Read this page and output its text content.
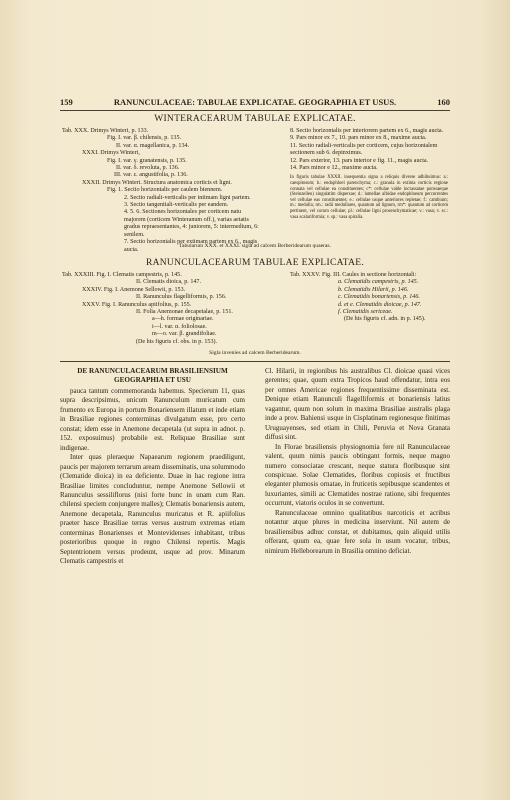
159	RANUNCULACEAE: TABULAE EXPLICATAE. GEOGRAPHIA ET USUS.	160
WINTERACEARUM TABULAE EXPLICATAE.
Tab. XXX. Drimys Winteri, p. 133.
Fig. I. var. β. chilensis, p. 135.
II. var. α. magellanica, p. 134.
XXXI. Drimys Winteri,
Fig. I. var. γ. granatensis, p. 135.
II. var. δ. revoluta, p. 136.
III. var. ε. angustifolia, p. 136.
XXXII. Drimys Winteri. Structura anatomica corticis et ligni.
Fig. 1. Sectio horizontalis per caulem biennem.
2. Sectio radiali-verticalis per intimam ligni partem.
3. Sectio tangentiali-verticalis per eandem.
4. 5. 6. Sectiones horizontales per corticem natu majorem (corticem Winteranum off.), varias aetatis gradus repraesentantes, 4: juniorem, 5: intermedium, 6: senilem.
7. Sectio horizontalis per extimam partem ex 6., magis aucta.
8. Sectio horizontalis per interiorem partem ex 6., magis aucta.
9. Pars minor ex 7., 10. pars minor ex 8., maxime aucta.
11. Sectio radiali-verticalis per corticem, cujus horizontalem sectionem sub 6. depinximus.
12. Pars exterior, 13. pars interior e fig. 11., magis aucta.
14. Pars minor e 12., maxime aucta.
In figuris tabulae XXXII. insequentia signa a reliquis diverse adhibuimus: a.: caespitosum; b.: endophloei parenchyma; c.: granula in extima corticis regione connata vel cellulae ea constituentes; c*: cellulae valde incrassatae porosaeque (Steinzellen) singulatim dispersae; d.: lamellae albidae endophloeum percurrentes vel cellulae eas constituentes; e.: cellulae usque anteriores repletae; f.: cambium; m.: medulla; rm.: radii medullares, quantum ad lignum, rm*: quantum ad corticem pertinent, vel corum cellulae; pl.: cellulae ligni prosenchymaticae; v.: vasa; v. sc.: vasa scalariformia; v. sp.: vasa spiralia.
Tabularum XXX. et XXXI. sigla ad calcem Berberidearum quaeras.
RANUNCULACEARUM TABULAE EXPLICATAE.
Tab. XXXIII. Fig. I. Clematis campestris, p. 145.
II. Clematis dioica, p. 147.
XXXIV. Fig. I. Anemone Sellowii, p. 153.
II. Ranunculus flagelliformis, p. 156.
XXXV. Fig. I. Ranunculus apiifolius, p. 155.
II. Folia Anemonae decapetalae, p. 151.
a—h. formae originariae.
i—l. var. α. foliolosae.
m—o. var. β. grandifoliae.
(De his figuris cf. obs. in p. 153).
Tab. XXXV. Fig. III. Caules in sectione horizontali:
a. Clematidis campestris, p. 145.
b. Clematidis Hilarii, p. 146.
c. Clematidis bonariensis, p. 146.
d. et e. Clematidis dioicae, p. 147.
f. Clematidis sericeae.
(De his figuris cf. adn. in p. 145).
Sigla invenies ad calcem Berberidearum.
DE RANUNCULACEARUM BRASILIENSIUM
GEOGRAPHIA ET USU

pauca tantum commemoranda habemus. Specierum 11, quas supra descripsimus, unicum Ranunculum muricatum cum frumento ex Europa in portum Bonariensem illatum et inde etiam in Brasiliae regiones conterminas divulgatum esse, pro certo constat; idem esse in Anemone decapetala (ut supra in adnot. p. 152. exposuimus) probabile est. Reliquae Brasiliae sunt indigenae.

Inter quas pleraeque Napaearum regionem praediligunt, paucis per majorem terrarum aream disseminatis, una solummodo (Clematide dioica) in ea deficiente. Duae in hac regione intra Brasiliae limites concluduntur, nempe Anemone Sellowii et Ranunculus sessiliflorus (nisi forte hunc in unam cum Ran. chilensi speciem conjungere malles); Clematis bonariensis autem, Anemone decapetala, Ranunculus muricatus et R. apiifolius praeter hasce Brasiliae terras versus austrum extremas etiam conterminas Bonarienses et Montevidenses inhabitant, tribus posterioribus quoque in regno Chilensi repertis. Magis Septentrionem versus prodeunt, usque ad prov. Minarum Clematis campestris et

Cl. Hilarii, in regionibus his australibus Cl. dioicae quasi vices gerentes; quae, quum extra Tropicos haud offendatur, intra eos per omnes Americae regiones frequentissime disseminata est. Denique etiam Ranunculi flagelliformis et bonariensis latius vagantur, quum non solum in maxima Brasiliae australis plaga inde a prov. Bahiensi usque in Cisplatinam regionesque finitimas Uruguayenses, sed etiam in Chili, Peruvia et Nova Granata diffusi sint.

In Florae brasiliensis physiognomia fere nil Ranunculaceae valent, quum nimis paucis obtingant formis, neque magno numero consociatae crescant, neque statura floribusque sint conspicuae. Solae Clematides, floribus copiosis et fructibus eleganter plumosis ornatae, in fruticetis sepibusque scandentes et luxuriantes, simili ac Clematides nostrae ratione, sibi frequentes occurrunt, viatoris oculos in se convertunt.

Ranunculaceae omnino qualitatibus narcoticis et acribus notantur atque plures in medicina inserviunt. Nil autem de brasiliensibus adhuc constat, et dubitamus, quin aliquid utilis offerant, quum ea, quae fere sola in usum vocatur, tribus, nimirum Helleborearum in Brasilia omnino deficiat.
